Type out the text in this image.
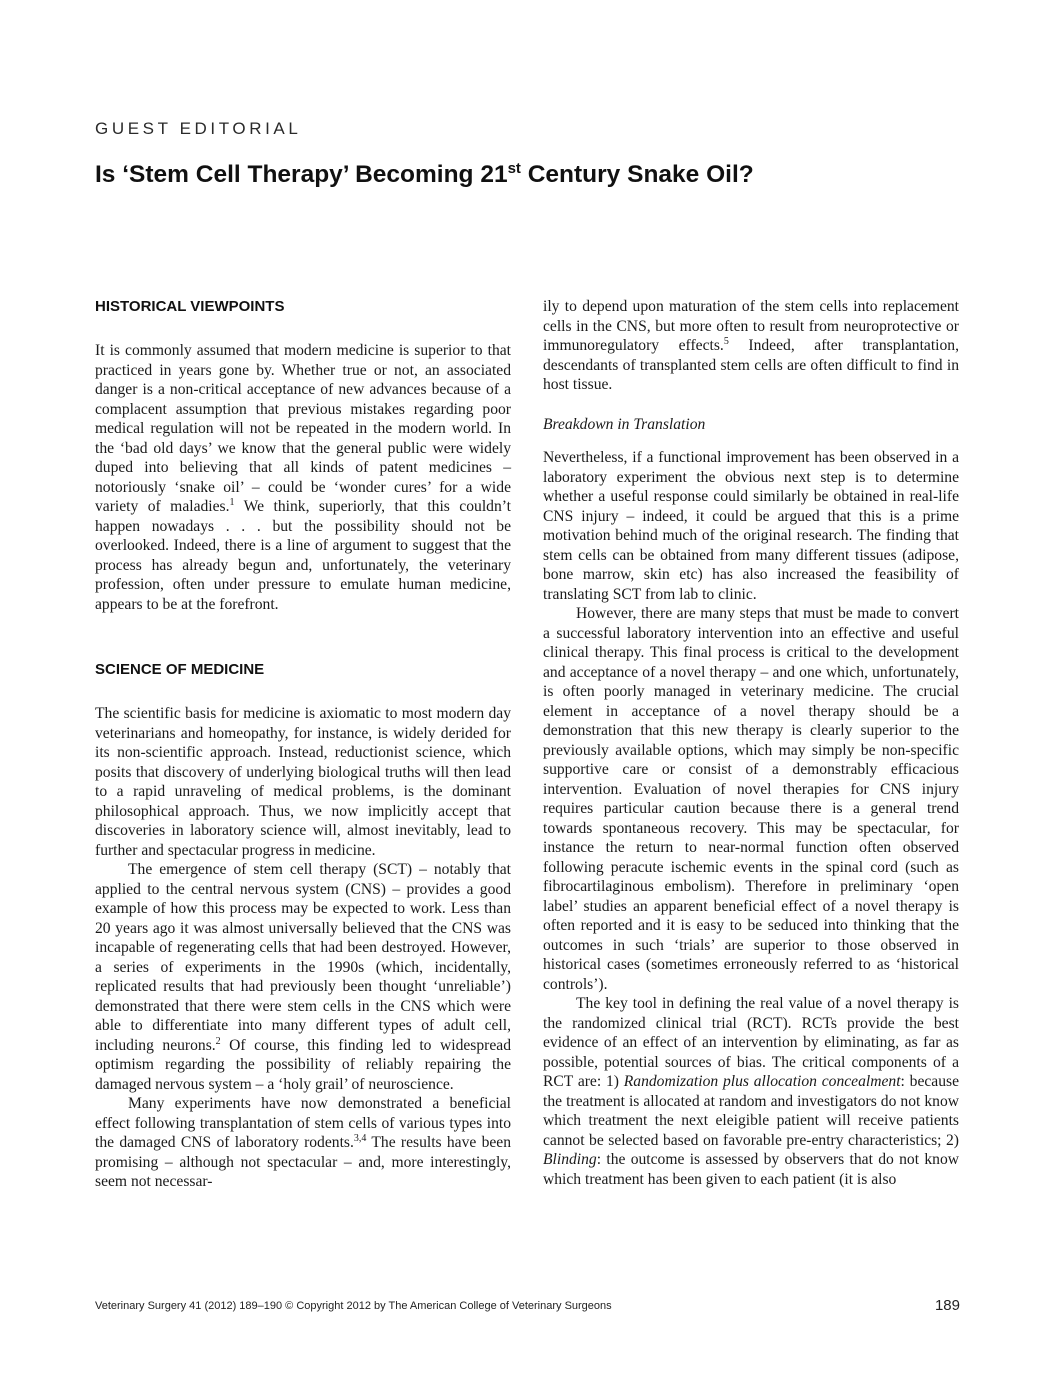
GUEST EDITORIAL
Is ‘Stem Cell Therapy’ Becoming 21st Century Snake Oil?
HISTORICAL VIEWPOINTS

It is commonly assumed that modern medicine is superior to that practiced in years gone by. Whether true or not, an associated danger is a non-critical acceptance of new advances because of a complacent assumption that previous mistakes regarding poor medical regulation will not be repeated in the modern world. In the ‘bad old days’ we know that the general public were widely duped into believing that all kinds of patent medicines – notoriously ‘snake oil’ – could be ‘wonder cures’ for a wide variety of maladies.$^1$ We think, superiorly, that this couldn’t happen nowadays . . . but the possibility should not be overlooked. Indeed, there is a line of argument to suggest that the process has already begun and, unfortunately, the veterinary profession, often under pressure to emulate human medicine, appears to be at the forefront.

SCIENCE OF MEDICINE

The scientific basis for medicine is axiomatic to most modern day veterinarians and homeopathy, for instance, is widely derided for its non-scientific approach. Instead, reductionist science, which posits that discovery of underlying biological truths will then lead to a rapid unraveling of medical problems, is the dominant philosophical approach. Thus, we now implicitly accept that discoveries in laboratory science will, almost inevitably, lead to further and spectacular progress in medicine.

The emergence of stem cell therapy (SCT) – notably that applied to the central nervous system (CNS) – provides a good example of how this process may be expected to work. Less than 20 years ago it was almost universally believed that the CNS was incapable of regenerating cells that had been destroyed. However, a series of experiments in the 1990s (which, incidentally, replicated results that had previously been thought ‘unreliable’) demonstrated that there were stem cells in the CNS which were able to differentiate into many different types of adult cell, including neurons.$^2$ Of course, this finding led to widespread optimism regarding the possibility of reliably repairing the damaged nervous system – a ‘holy grail’ of neuroscience.

Many experiments have now demonstrated a beneficial effect following transplantation of stem cells of various types into the damaged CNS of laboratory rodents.$^{3,4}$ The results have been promising – although not spectacular – and, more interestingly, seem not necessar-

ily to depend upon maturation of the stem cells into replacement cells in the CNS, but more often to result from neuroprotective or immunoregulatory effects.$^5$ Indeed, after transplantation, descendants of transplanted stem cells are often difficult to find in host tissue.

Breakdown in Translation

Nevertheless, if a functional improvement has been observed in a laboratory experiment the obvious next step is to determine whether a useful response could similarly be obtained in real-life CNS injury – indeed, it could be argued that this is a prime motivation behind much of the original research. The finding that stem cells can be obtained from many different tissues (adipose, bone marrow, skin etc) has also increased the feasibility of translating SCT from lab to clinic.

However, there are many steps that must be made to convert a successful laboratory intervention into an effective and useful clinical therapy. This final process is critical to the development and acceptance of a novel therapy – and one which, unfortunately, is often poorly managed in veterinary medicine. The crucial element in acceptance of a novel therapy should be a demonstration that this new therapy is clearly superior to the previously available options, which may simply be non-specific supportive care or consist of a demonstrably efficacious intervention. Evaluation of novel therapies for CNS injury requires particular caution because there is a general trend towards spontaneous recovery. This may be spectacular, for instance the return to near-normal function often observed following peracute ischemic events in the spinal cord (such as fibrocartilaginous embolism). Therefore in preliminary ‘open label’ studies an apparent beneficial effect of a novel therapy is often reported and it is easy to be seduced into thinking that the outcomes in such ‘trials’ are superior to those observed in historical cases (sometimes erroneously referred to as ‘historical controls’).

The key tool in defining the real value of a novel therapy is the randomized clinical trial (RCT). RCTs provide the best evidence of an effect of an intervention by eliminating, as far as possible, potential sources of bias. The critical components of a RCT are: 1) Randomization plus allocation concealment: because the treatment is allocated at random and investigators do not know which treatment the next eleigible patient will receive patients cannot be selected based on favorable pre-entry characteristics; 2) Blinding: the outcome is assessed by observers that do not know which treatment has been given to each patient (it is also

Veterinary Surgery 41 (2012) 189–190 © Copyright 2012 by The American College of Veterinary Surgeons	189
